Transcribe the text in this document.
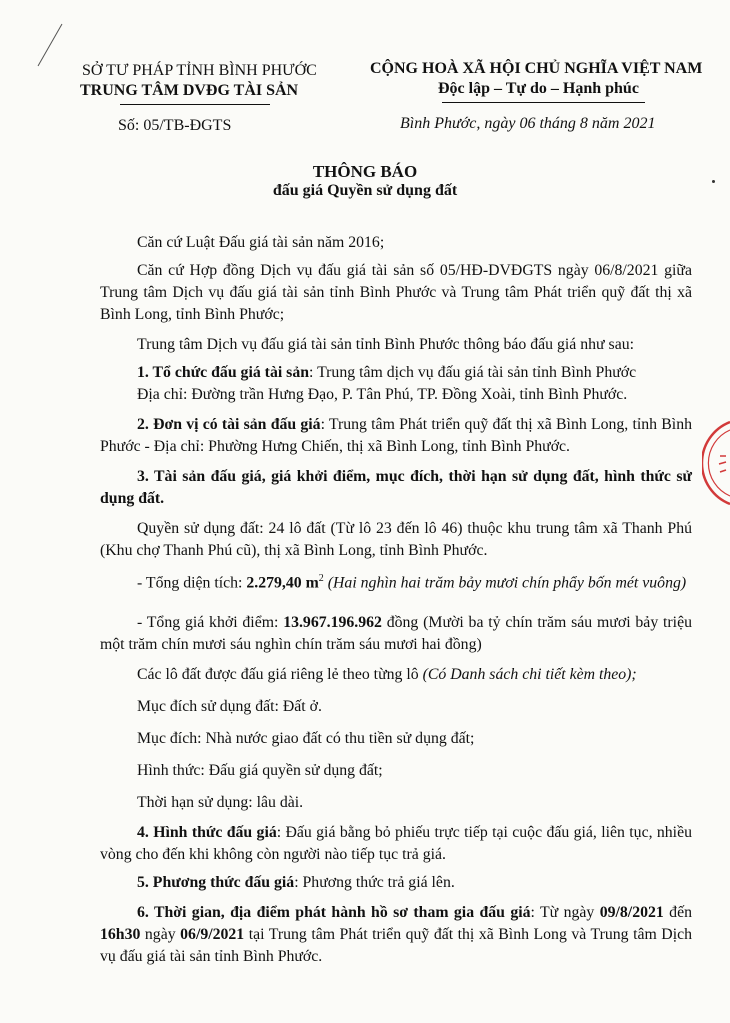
SỞ TƯ PHÁP TỈNH BÌNH PHƯỚC
TRUNG TÂM DVĐG TÀI SẢN
Số: 05/TB-ĐGTS
CỘNG HOÀ XÃ HỘI CHỦ NGHĨA VIỆT NAM
Độc lập – Tự do – Hạnh phúc
Bình Phước, ngày 06 tháng 8 năm 2021
THÔNG BÁO
đấu giá Quyền sử dụng đất
Căn cứ Luật Đấu giá tài sản năm 2016;
Căn cứ Hợp đồng Dịch vụ đấu giá tài sản số 05/HĐ-DVĐGTS ngày 06/8/2021 giữa Trung tâm Dịch vụ đấu giá tài sản tỉnh Bình Phước và Trung tâm Phát triển quỹ đất thị xã Bình Long, tỉnh Bình Phước;
Trung tâm Dịch vụ đấu giá tài sản tỉnh Bình Phước thông báo đấu giá như sau:
1. Tổ chức đấu giá tài sản: Trung tâm dịch vụ đấu giá tài sản tỉnh Bình Phước
Địa chỉ: Đường trần Hưng Đạo, P. Tân Phú, TP. Đồng Xoài, tỉnh Bình Phước.
2. Đơn vị có tài sản đấu giá: Trung tâm Phát triển quỹ đất thị xã Bình Long, tỉnh Bình Phước - Địa chỉ: Phường Hưng Chiến, thị xã Bình Long, tỉnh Bình Phước.
3. Tài sản đấu giá, giá khởi điểm, mục đích, thời hạn sử dụng đất, hình thức sử dụng đất.
Quyền sử dụng đất: 24 lô đất (Từ lô 23 đến lô 46) thuộc khu trung tâm xã Thanh Phú (Khu chợ Thanh Phú cũ), thị xã Bình Long, tỉnh Bình Phước.
- Tổng diện tích: 2.279,40 $m^2$ (Hai nghìn hai trăm bảy mươi chín phẩy bốn mét vuông)
- Tổng giá khởi điểm: 13.967.196.962 đồng (Mười ba tỷ chín trăm sáu mươi bảy triệu một trăm chín mươi sáu nghìn chín trăm sáu mươi hai đồng)
Các lô đất được đấu giá riêng lẻ theo từng lô (Có Danh sách chi tiết kèm theo);
Mục đích sử dụng đất: Đất ở.
Mục đích: Nhà nước giao đất có thu tiền sử dụng đất;
Hình thức: Đấu giá quyền sử dụng đất;
Thời hạn sử dụng: lâu dài.
4. Hình thức đấu giá: Đấu giá bằng bỏ phiếu trực tiếp tại cuộc đấu giá, liên tục, nhiều vòng cho đến khi không còn người nào tiếp tục trả giá.
5. Phương thức đấu giá: Phương thức trả giá lên.
6. Thời gian, địa điểm phát hành hồ sơ tham gia đấu giá: Từ ngày 09/8/2021 đến 16h30 ngày 06/9/2021 tại Trung tâm Phát triển quỹ đất thị xã Bình Long và Trung tâm Dịch vụ đấu giá tài sản tỉnh Bình Phước.
